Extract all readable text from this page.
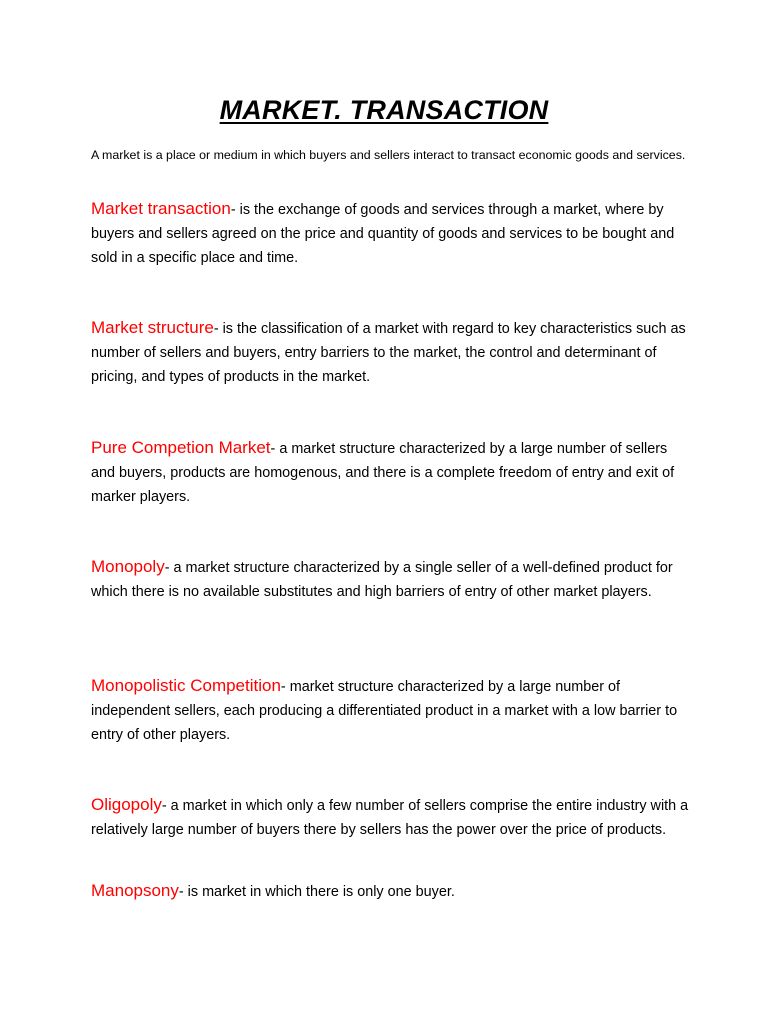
MARKET. TRANSACTION
A market is a place or medium in which buyers and sellers interact to transact economic goods and services.
Market transaction- is the exchange of goods and services through a market, where by buyers and sellers agreed on the price and quantity of goods and services to be bought and sold in a specific place and time.
Market structure- is the classification of a market with regard to key characteristics such as number of sellers and buyers, entry barriers to the market, the control and determinant of pricing, and types of products in the market.
Pure Competion Market- a market structure characterized by a large number of sellers and buyers, products are homogenous, and there is a complete freedom of entry and exit of marker players.
Monopoly- a market structure characterized by a single seller of a well-defined product for which there is no available substitutes and high barriers of entry of other market players.
Monopolistic Competition- market structure characterized by a large number of independent sellers, each producing a differentiated product in a market with a low barrier to entry of other players.
Oligopoly- a market in which only a few number of sellers comprise the entire industry with a relatively large number of buyers there by sellers has the power over the price of products.
Manopsony- is market in which there is only one buyer.
